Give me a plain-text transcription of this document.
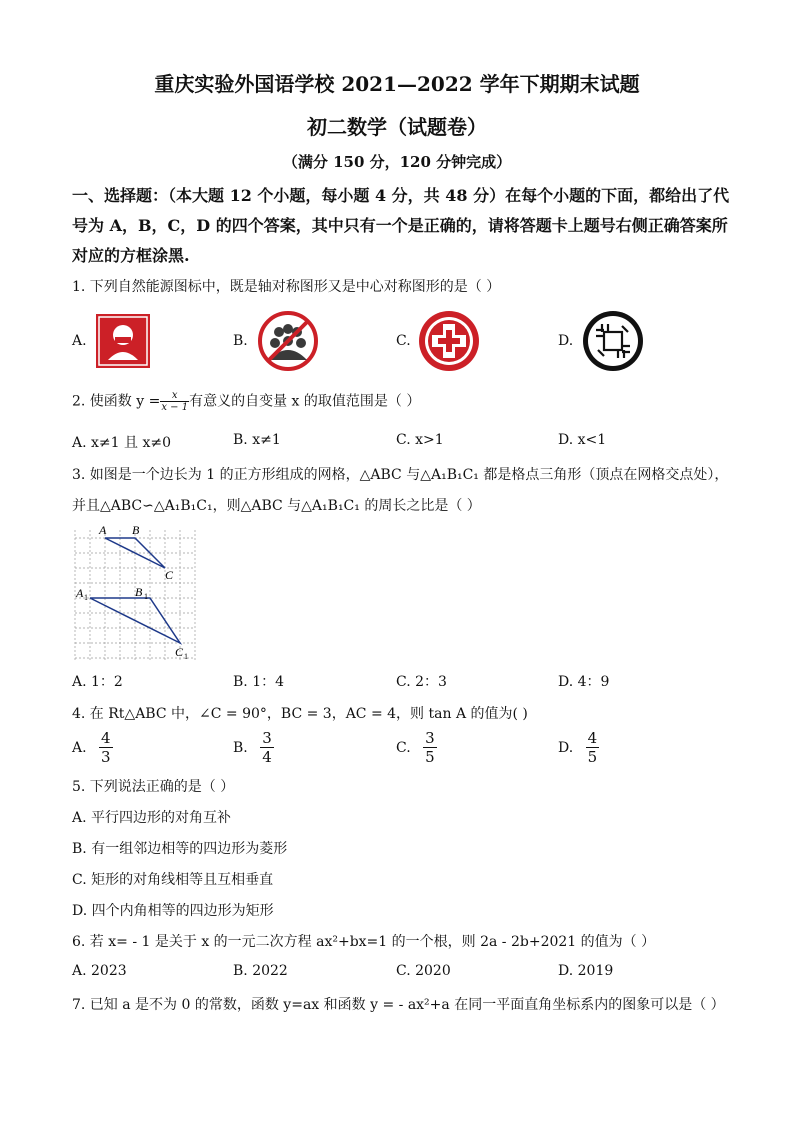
重庆实验外国语学校 2021—2022 学年下期期末试题
初二数学（试题卷）
（满分 150 分，120 分钟完成）
一、选择题：（本大题 12 个小题，每小题 4 分，共 48 分）在每个小题的下面，都给出了代
号为 A，B，C，D 的四个答案，其中只有一个是正确的，请将答题卡上题号右侧正确答案所
对应的方框涂黑.
1. 下列自然能源图标中，既是轴对称图形又是中心对称图形的是（ ）
A.	B.	C.	D.
2. 使函数 $y = \frac{x}{x - 1}$ 有意义的自变量 x 的取值范围是（ ）
A. x≠1 且 x≠0	B. x≠1	C. x>1	D. x<1
3. 如图是一个边长为 1 的正方形组成的网格，△ABC 与△A₁B₁C₁ 都是格点三角形（顶点在网格交点处），
并且△ABC∽△A₁B₁C₁，则△ABC 与△A₁B₁C₁ 的周长之比是（ ）
A B
C
A 1	B 1
C 1
A. 1：2	B. 1：4	C. 2：3	D. 4：9
4. 在 Rt△ABC 中，∠C = 90°，BC = 3，AC = 4，则 tan A 的值为( )
A. $\frac{4}{3}$	B. $\frac{3}{4}$	C. $\frac{3}{5}$	D. $\frac{4}{5}$
5. 下列说法正确的是（ ）
A. 平行四边形的对角互补
B. 有一组邻边相等的四边形为菱形
C. 矩形的对角线相等且互相垂直
D. 四个内角相等的四边形为矩形
6. 若 x= - 1 是关于 x 的一元二次方程 ax²+bx=1 的一个根，则 2a - 2b+2021 的值为（ ）
A. 2023	B. 2022	C. 2020	D. 2019
7. 已知 a 是不为 0 的常数，函数 y=ax 和函数 y = - ax²+a 在同一平面直角坐标系内的图象可以是（ ）
